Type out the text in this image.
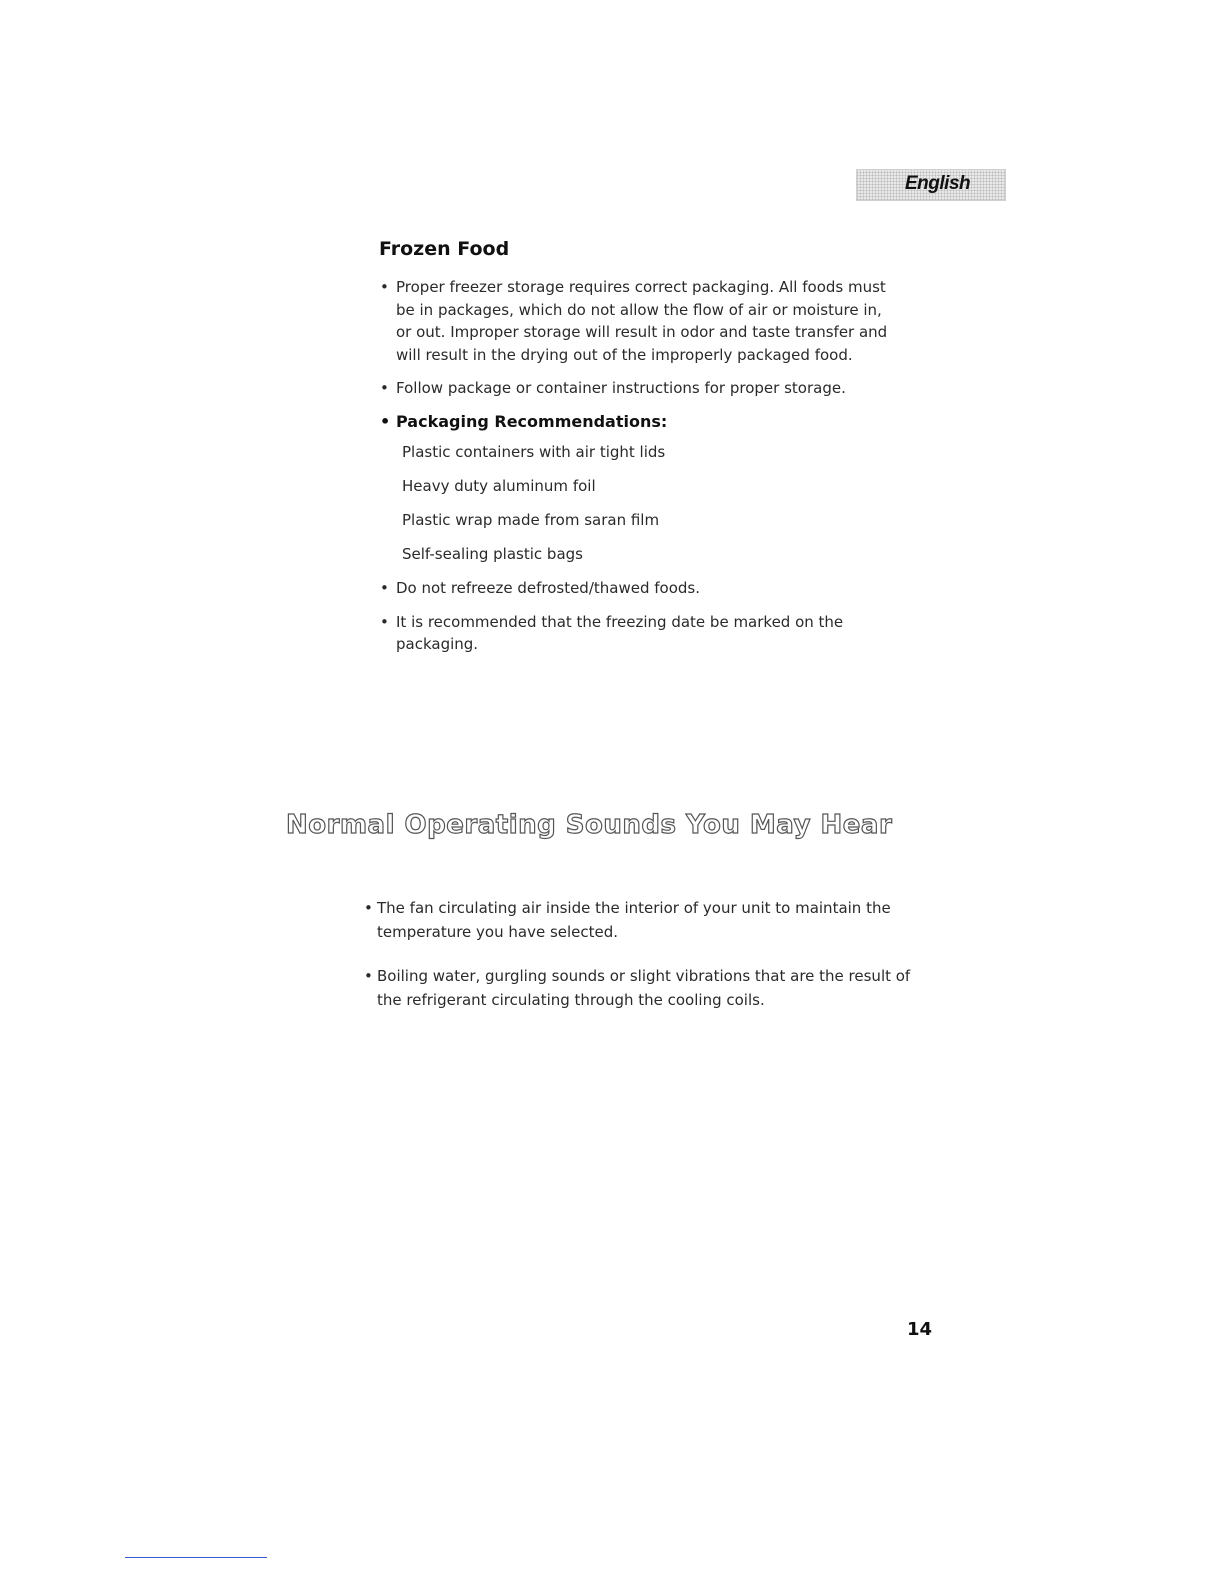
English
Frozen Food
• Proper freezer storage requires correct packaging. All foods must be in packages, which do not allow the flow of air or moisture in, or out. Improper storage will result in odor and taste transfer and will result in the drying out of the improperly packaged food.
• Follow package or container instructions for proper storage.
• Packaging Recommendations:
Plastic containers with air tight lids
Heavy duty aluminum foil
Plastic wrap made from saran film
Self-sealing plastic bags
• Do not refreeze defrosted/thawed foods.
• It is recommended that the freezing date be marked on the packaging.
Normal Operating Sounds You May Hear
• The fan circulating air inside the interior of your unit to maintain the temperature you have selected.
• Boiling water, gurgling sounds or slight vibrations that are the result of the refrigerant circulating through the cooling coils.
14
